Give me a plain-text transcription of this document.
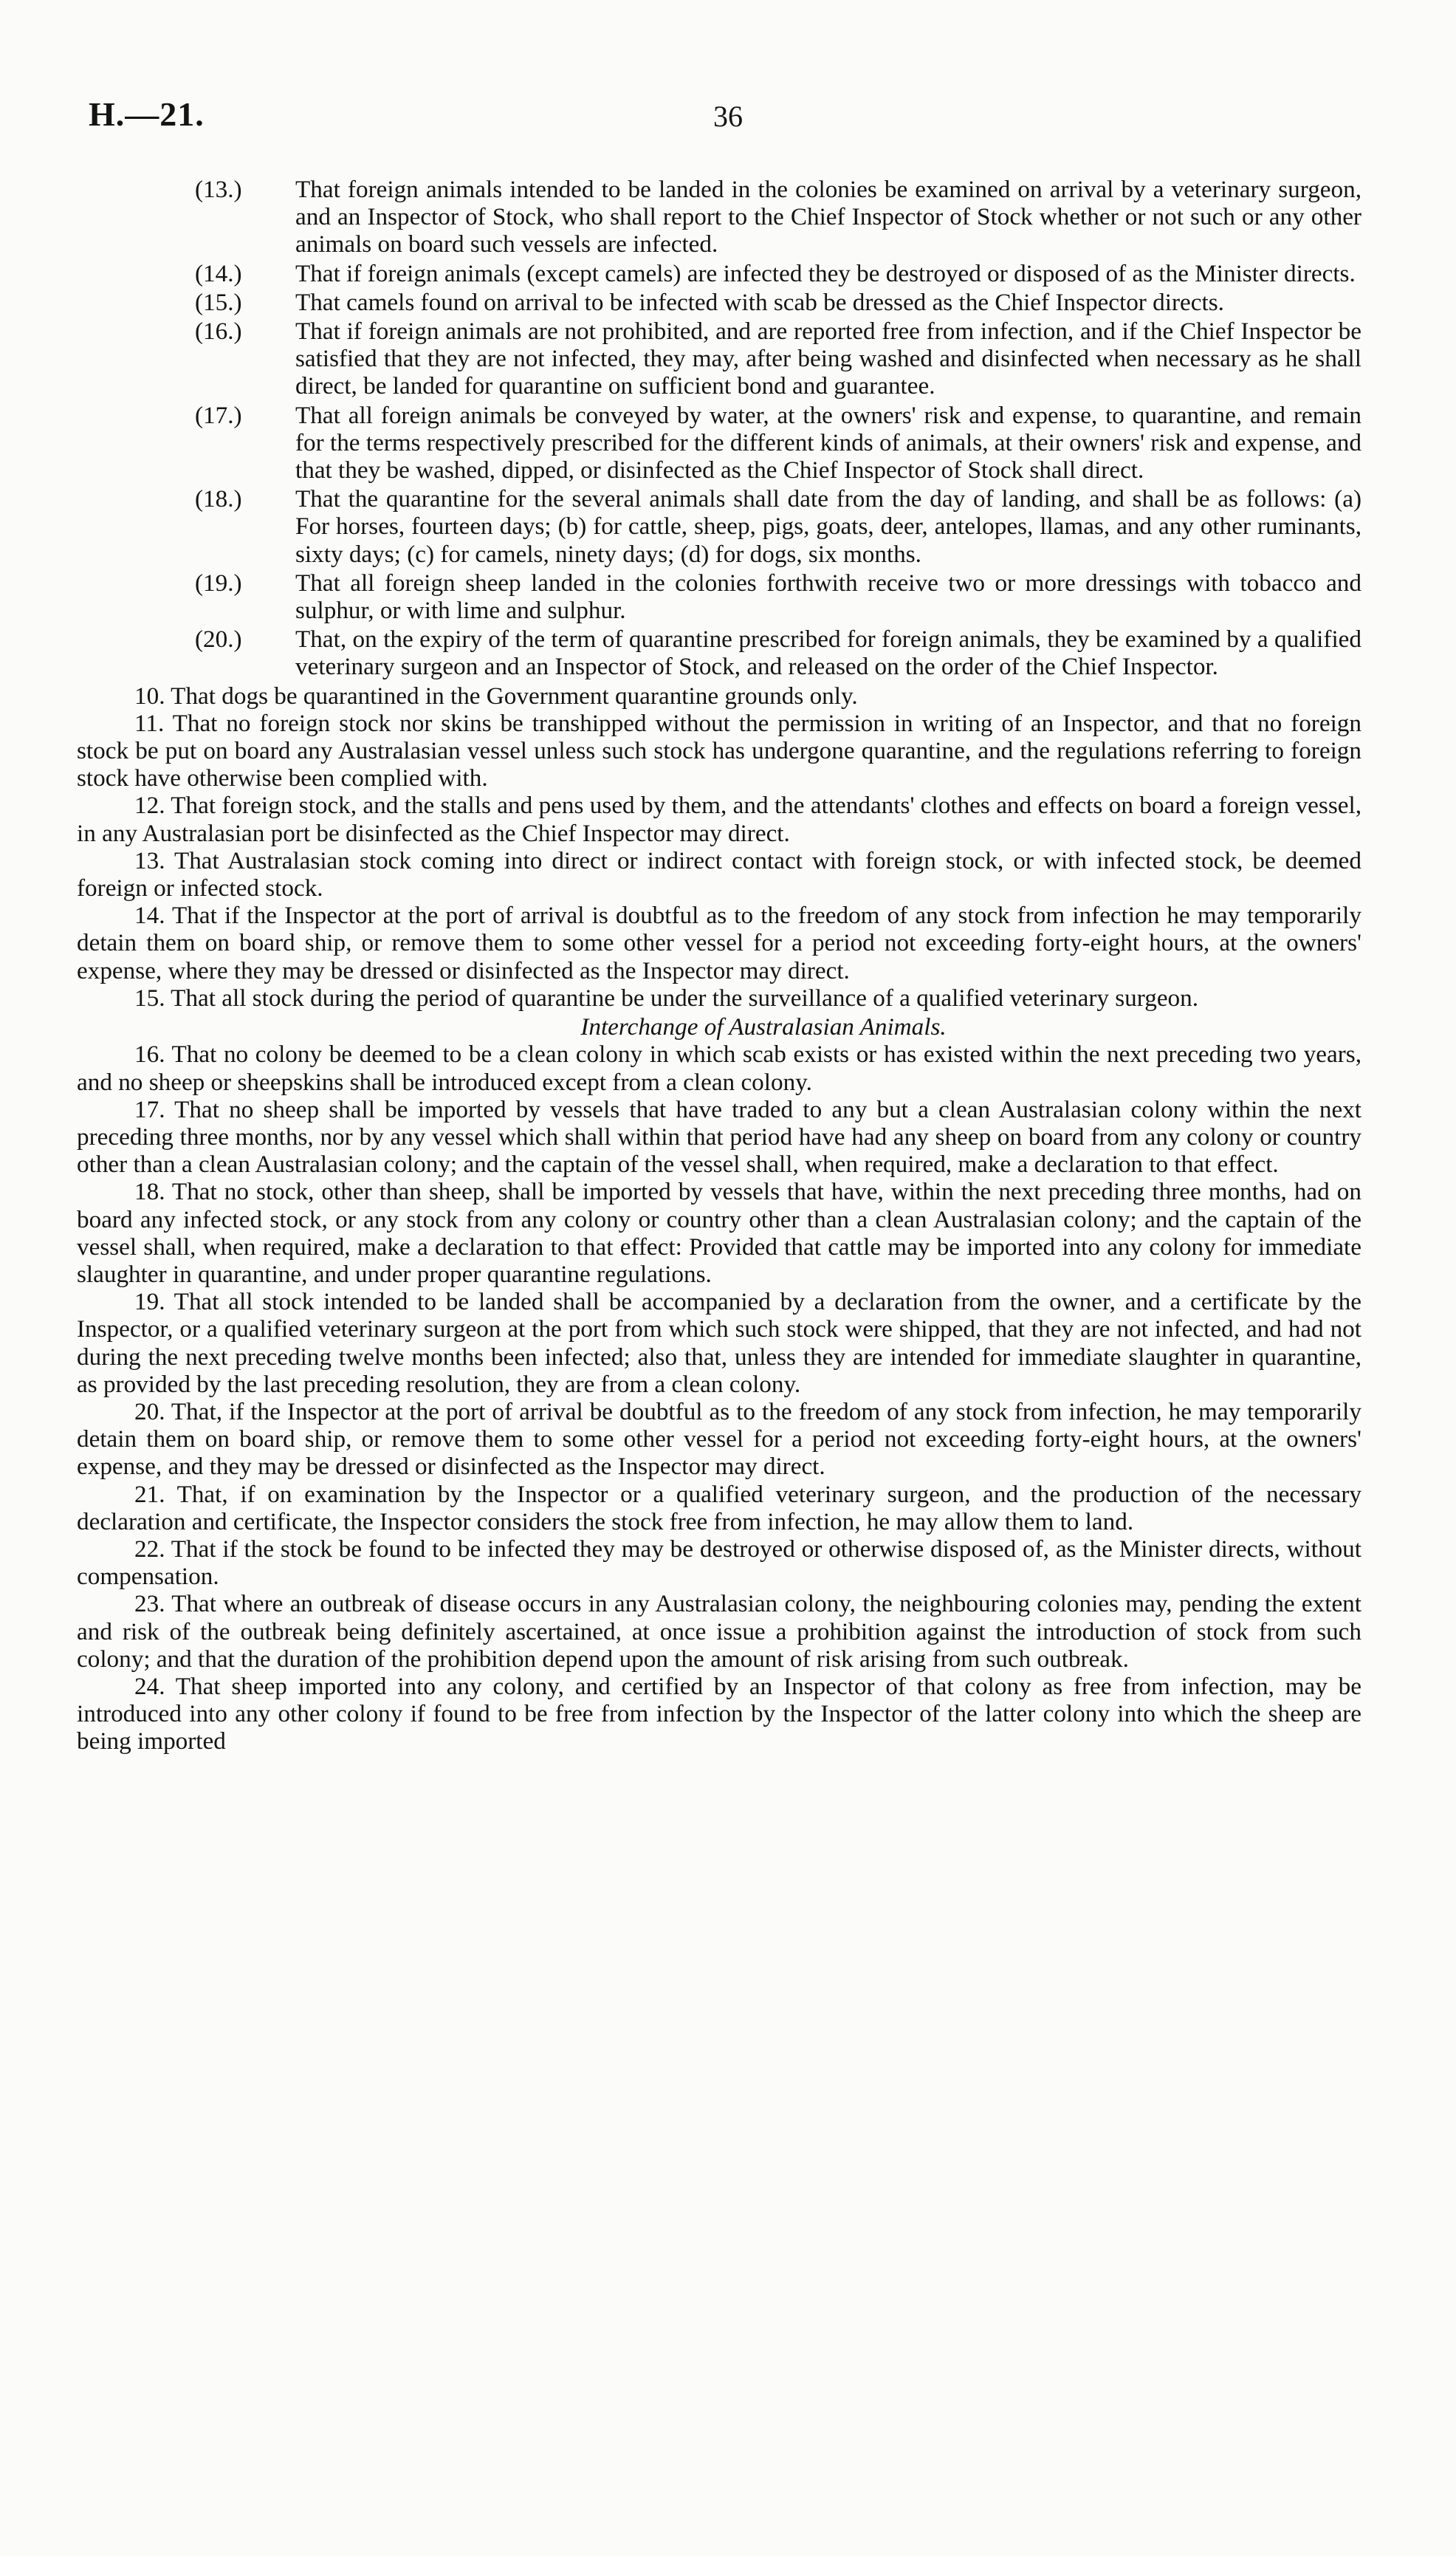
H.—21.	36

(13.) That foreign animals intended to be landed in the colonies be examined on arrival by a veterinary surgeon, and an Inspector of Stock, who shall report to the Chief Inspector of Stock whether or not such or any other animals on board such vessels are infected.

(14.) That if foreign animals (except camels) are infected they be destroyed or disposed of as the Minister directs.

(15.) That camels found on arrival to be infected with scab be dressed as the Chief Inspector directs.

(16.) That if foreign animals are not prohibited, and are reported free from infection, and if the Chief Inspector be satisfied that they are not infected, they may, after being washed and disinfected when necessary as he shall direct, be landed for quarantine on sufficient bond and guarantee.

(17.) That all foreign animals be conveyed by water, at the owners' risk and expense, to quarantine, and remain for the terms respectively prescribed for the different kinds of animals, at their owners' risk and expense, and that they be washed, dipped, or disinfected as the Chief Inspector of Stock shall direct.

(18.) That the quarantine for the several animals shall date from the day of landing, and shall be as follows: (a) For horses, fourteen days; (b) for cattle, sheep, pigs, goats, deer, antelopes, llamas, and any other ruminants, sixty days; (c) for camels, ninety days; (d) for dogs, six months.

(19.) That all foreign sheep landed in the colonies forthwith receive two or more dressings with tobacco and sulphur, or with lime and sulphur.

(20.) That, on the expiry of the term of quarantine prescribed for foreign animals, they be examined by a qualified veterinary surgeon and an Inspector of Stock, and released on the order of the Chief Inspector.

10. That dogs be quarantined in the Government quarantine grounds only.

11. That no foreign stock nor skins be transhipped without the permission in writing of an Inspector, and that no foreign stock be put on board any Australasian vessel unless such stock has undergone quarantine, and the regulations referring to foreign stock have otherwise been complied with.

12. That foreign stock, and the stalls and pens used by them, and the attendants' clothes and effects on board a foreign vessel, in any Australasian port be disinfected as the Chief Inspector may direct.

13. That Australasian stock coming into direct or indirect contact with foreign stock, or with infected stock, be deemed foreign or infected stock.

14. That if the Inspector at the port of arrival is doubtful as to the freedom of any stock from infection he may temporarily detain them on board ship, or remove them to some other vessel for a period not exceeding forty-eight hours, at the owners' expense, where they may be dressed or disinfected as the Inspector may direct.

15. That all stock during the period of quarantine be under the surveillance of a qualified veterinary surgeon.

Interchange of Australasian Animals.

16. That no colony be deemed to be a clean colony in which scab exists or has existed within the next preceding two years, and no sheep or sheepskins shall be introduced except from a clean colony.

17. That no sheep shall be imported by vessels that have traded to any but a clean Australasian colony within the next preceding three months, nor by any vessel which shall within that period have had any sheep on board from any colony or country other than a clean Australasian colony; and the captain of the vessel shall, when required, make a declaration to that effect.

18. That no stock, other than sheep, shall be imported by vessels that have, within the next preceding three months, had on board any infected stock, or any stock from any colony or country other than a clean Australasian colony; and the captain of the vessel shall, when required, make a declaration to that effect: Provided that cattle may be imported into any colony for immediate slaughter in quarantine, and under proper quarantine regulations.

19. That all stock intended to be landed shall be accompanied by a declaration from the owner, and a certificate by the Inspector, or a qualified veterinary surgeon at the port from which such stock were shipped, that they are not infected, and had not during the next preceding twelve months been infected; also that, unless they are intended for immediate slaughter in quarantine, as provided by the last preceding resolution, they are from a clean colony.

20. That, if the Inspector at the port of arrival be doubtful as to the freedom of any stock from infection, he may temporarily detain them on board ship, or remove them to some other vessel for a period not exceeding forty-eight hours, at the owners' expense, and they may be dressed or disinfected as the Inspector may direct.

21. That, if on examination by the Inspector or a qualified veterinary surgeon, and the production of the necessary declaration and certificate, the Inspector considers the stock free from infection, he may allow them to land.

22. That if the stock be found to be infected they may be destroyed or otherwise disposed of, as the Minister directs, without compensation.

23. That where an outbreak of disease occurs in any Australasian colony, the neighbouring colonies may, pending the extent and risk of the outbreak being definitely ascertained, at once issue a prohibition against the introduction of stock from such colony; and that the duration of the prohibition depend upon the amount of risk arising from such outbreak.

24. That sheep imported into any colony, and certified by an Inspector of that colony as free from infection, may be introduced into any other colony if found to be free from infection by the Inspector of the latter colony into which the sheep are being imported
